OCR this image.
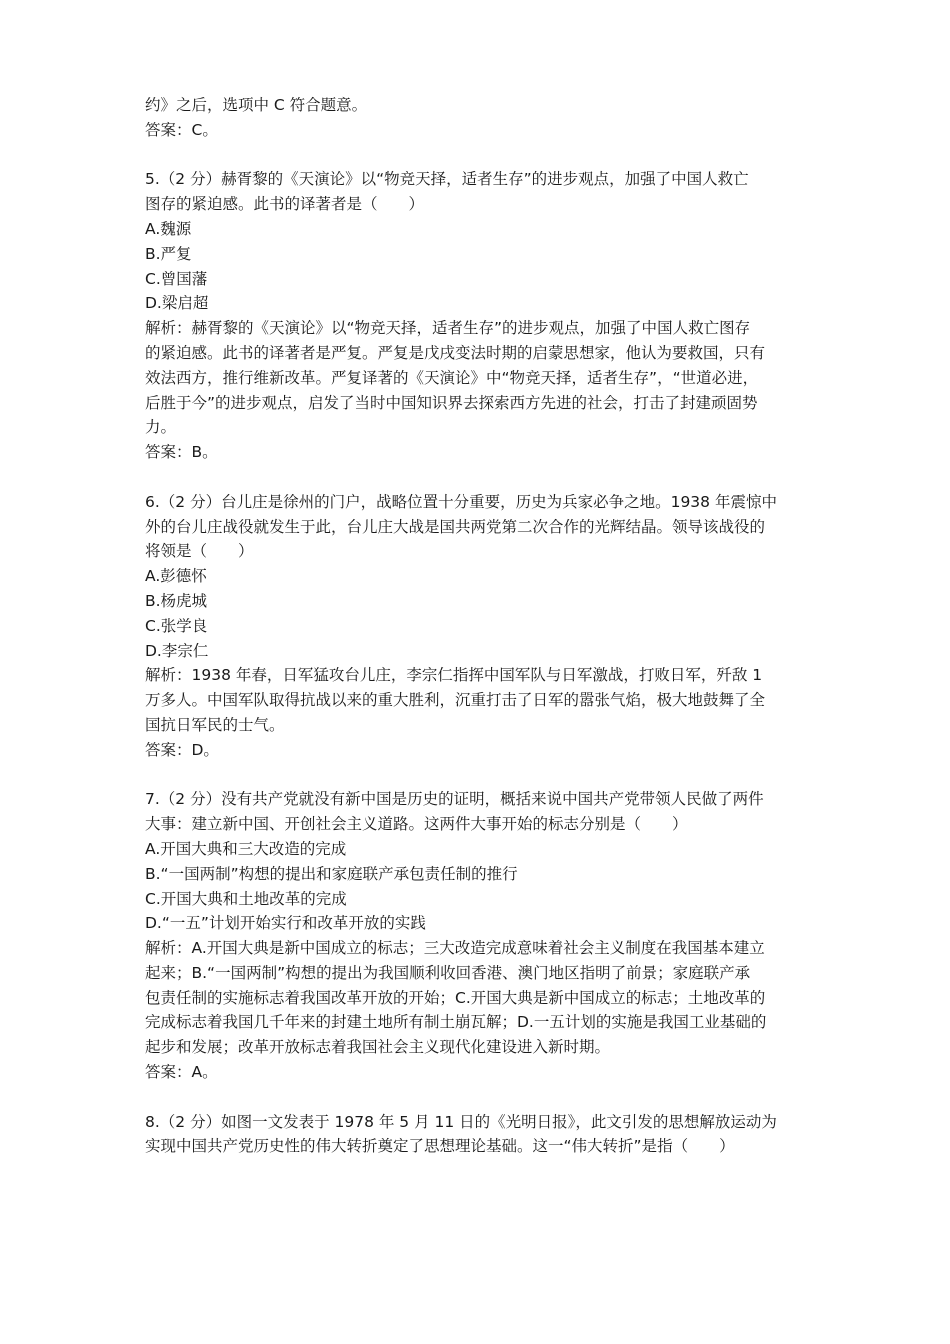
约》之后，选项中 C 符合题意。
答案：C。
5.（2 分）赫胥黎的《天演论》以“物竞天择，适者生存”的进步观点，加强了中国人救亡
图存的紧迫感。此书的译著者是（　　）
A.魏源
B.严复
C.曾国藩
D.梁启超
解析：赫胥黎的《天演论》以“物竞天择，适者生存”的进步观点，加强了中国人救亡图存
的紧迫感。此书的译著者是严复。严复是戊戌变法时期的启蒙思想家，他认为要救国，只有
效法西方，推行维新改革。严复译著的《天演论》中“物竞天择，适者生存”，“世道必进，
后胜于今”的进步观点，启发了当时中国知识界去探索西方先进的社会，打击了封建顽固势
力。
答案：B。
6.（2 分）台儿庄是徐州的门户，战略位置十分重要，历史为兵家必争之地。1938 年震惊中
外的台儿庄战役就发生于此，台儿庄大战是国共两党第二次合作的光辉结晶。领导该战役的
将领是（　　）
A.彭德怀
B.杨虎城
C.张学良
D.李宗仁
解析：1938 年春，日军猛攻台儿庄，李宗仁指挥中国军队与日军激战，打败日军，歼敌 1
万多人。中国军队取得抗战以来的重大胜利，沉重打击了日军的嚣张气焰，极大地鼓舞了全
国抗日军民的士气。
答案：D。
7.（2 分）没有共产党就没有新中国是历史的证明，概括来说中国共产党带领人民做了两件
大事：建立新中国、开创社会主义道路。这两件大事开始的标志分别是（　　）
A.开国大典和三大改造的完成
B.“一国两制”构想的提出和家庭联产承包责任制的推行
C.开国大典和土地改革的完成
D.“一五”计划开始实行和改革开放的实践
解析：A.开国大典是新中国成立的标志；三大改造完成意味着社会主义制度在我国基本建立
起来；B.“一国两制”构想的提出为我国顺利收回香港、澳门地区指明了前景；家庭联产承
包责任制的实施标志着我国改革开放的开始；C.开国大典是新中国成立的标志；土地改革的
完成标志着我国几千年来的封建土地所有制土崩瓦解；D.一五计划的实施是我国工业基础的
起步和发展；改革开放标志着我国社会主义现代化建设进入新时期。
答案：A。
8.（2 分）如图一文发表于 1978 年 5 月 11 日的《光明日报》，此文引发的思想解放运动为
实现中国共产党历史性的伟大转折奠定了思想理论基础。这一“伟大转折”是指（　　）
